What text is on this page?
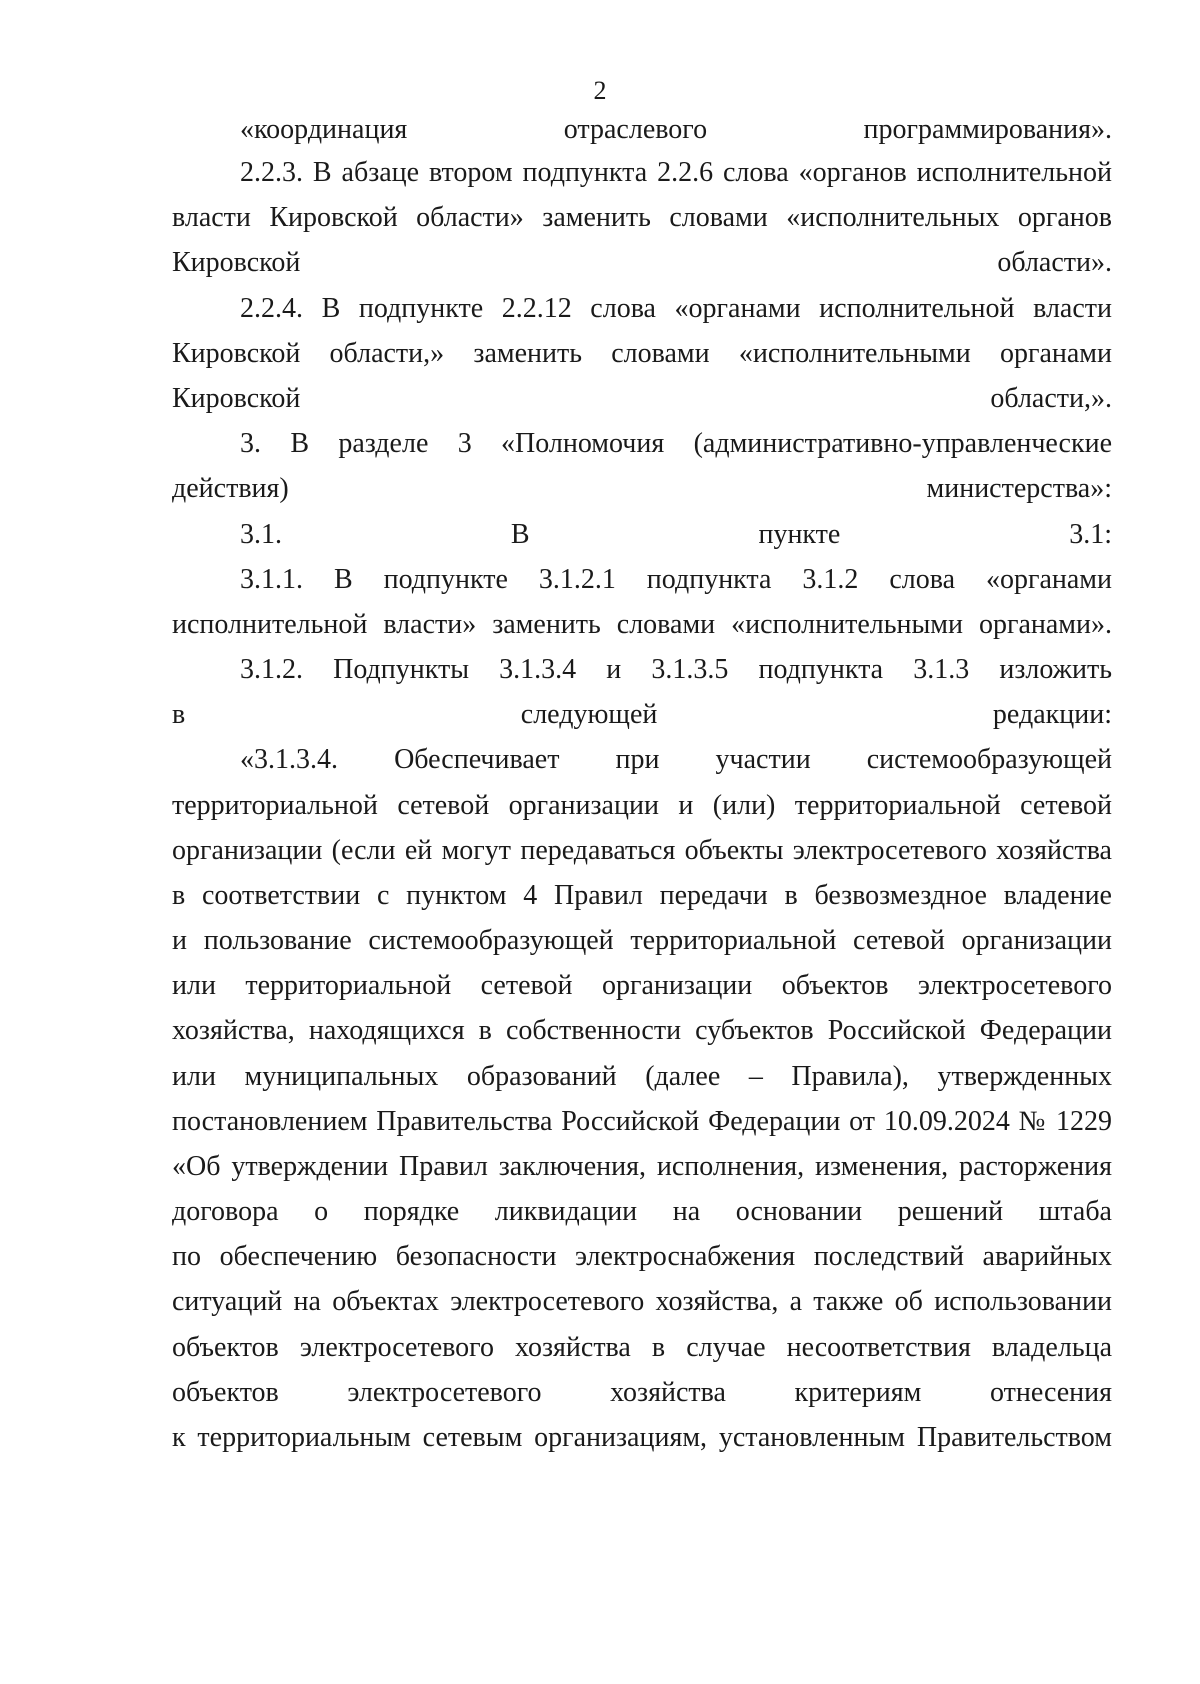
2
«координация отраслевого программирования».
2.2.3. В абзаце втором подпункта 2.2.6 слова «органов исполнительной
власти Кировской области» заменить словами «исполнительных органов
Кировской области».
2.2.4. В подпункте 2.2.12 слова «органами исполнительной власти
Кировской области,» заменить словами «исполнительными органами
Кировской области,».
3. В разделе 3 «Полномочия (административно-управленческие
действия) министерства»:
3.1. В пункте 3.1:
3.1.1. В подпункте 3.1.2.1 подпункта 3.1.2 слова «органами
исполнительной власти» заменить словами «исполнительными органами».
3.1.2. Подпункты 3.1.3.4 и 3.1.3.5 подпункта 3.1.3 изложить
в следующей редакции:
«3.1.3.4. Обеспечивает при участии системообразующей
территориальной сетевой организации и (или) территориальной сетевой
организации (если ей могут передаваться объекты электросетевого хозяйства
в соответствии с пунктом 4 Правил передачи в безвозмездное владение
и пользование системообразующей территориальной сетевой организации
или территориальной сетевой организации объектов электросетевого
хозяйства, находящихся в собственности субъектов Российской Федерации
или муниципальных образований (далее – Правила), утвержденных
постановлением Правительства Российской Федерации от 10.09.2024 № 1229
«Об утверждении Правил заключения, исполнения, изменения, расторжения
договора о порядке ликвидации на основании решений штаба
по обеспечению безопасности электроснабжения последствий аварийных
ситуаций на объектах электросетевого хозяйства, а также об использовании
объектов электросетевого хозяйства в случае несоответствия владельца
объектов электросетевого хозяйства критериям отнесения
к территориальным сетевым организациям, установленным Правительством
